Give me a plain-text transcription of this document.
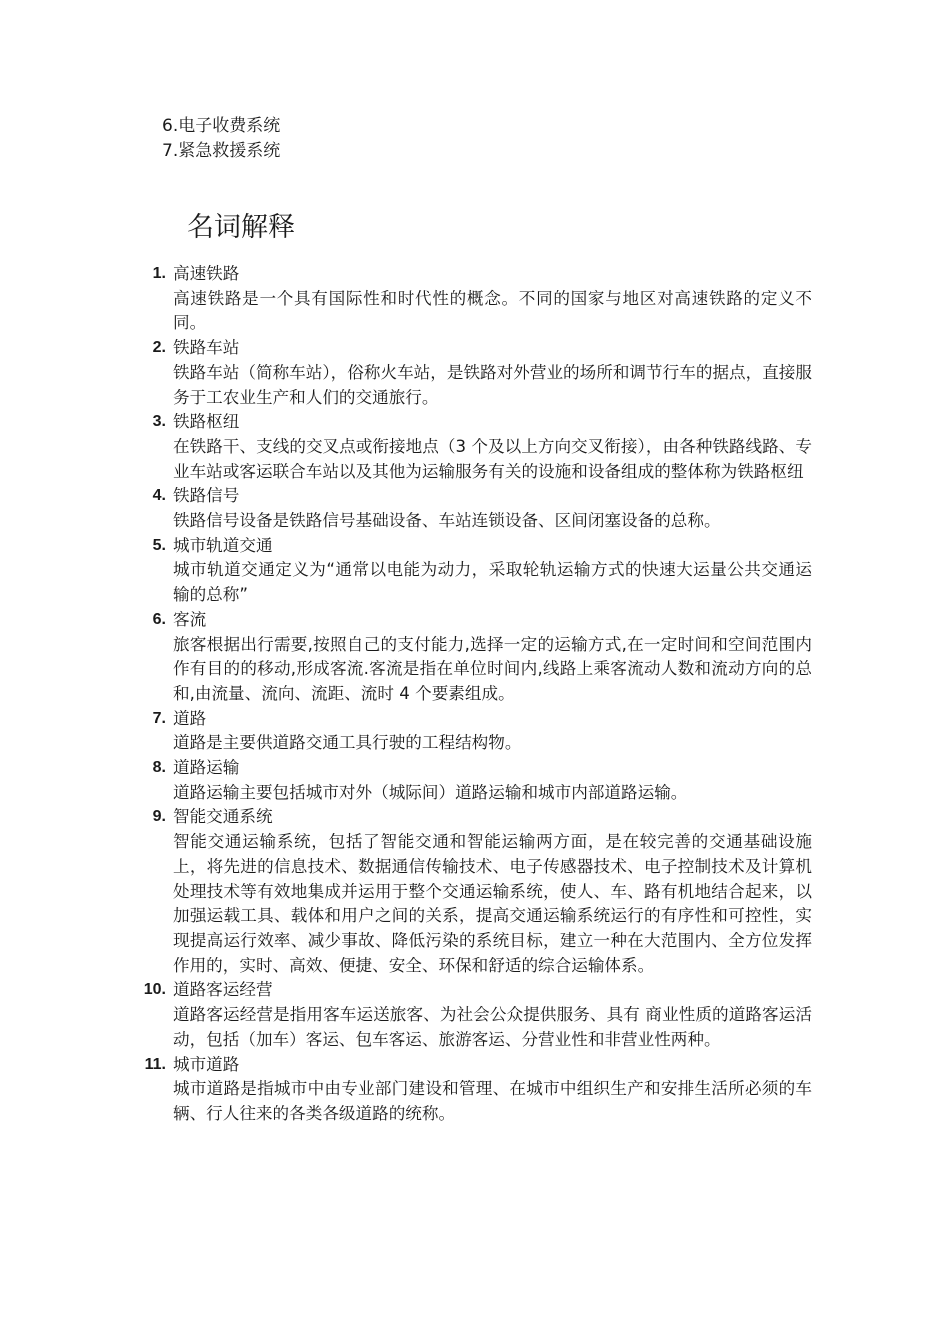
6.电子收费系统
7.紧急救援系统
名词解释
1. 高速铁路
高速铁路是一个具有国际性和时代性的概念。不同的国家与地区对高速铁路的定义不同。
2. 铁路车站
铁路车站（简称车站），俗称火车站，是铁路对外营业的场所和调节行车的据点，直接服务于工农业生产和人们的交通旅行。
3. 铁路枢纽
在铁路干、支线的交叉点或衔接地点（3 个及以上方向交叉衔接），由各种铁路线路、专业车站或客运联合车站以及其他为运输服务有关的设施和设备组成的整体称为铁路枢纽
4. 铁路信号
铁路信号设备是铁路信号基础设备、车站连锁设备、区间闭塞设备的总称。
5. 城市轨道交通
城市轨道交通定义为“通常以电能为动力，采取轮轨运输方式的快速大运量公共交通运输的总称”
6. 客流
旅客根据出行需要,按照自己的支付能力,选择一定的运输方式,在一定时间和空间范围内作有目的的移动,形成客流.客流是指在单位时间内,线路上乘客流动人数和流动方向的总和,由流量、流向、流距、流时 4 个要素组成。
7. 道路
道路是主要供道路交通工具行驶的工程结构物。
8. 道路运输
道路运输主要包括城市对外（城际间）道路运输和城市内部道路运输。
9. 智能交通系统
智能交通运输系统，包括了智能交通和智能运输两方面，是在较完善的交通基础设施上，将先进的信息技术、数据通信传输技术、电子传感器技术、电子控制技术及计算机处理技术等有效地集成并运用于整个交通运输系统，使人、车、路有机地结合起来，以加强运载工具、载体和用户之间的关系，提高交通运输系统运行的有序性和可控性，实现提高运行效率、减少事故、降低污染的系统目标，建立一种在大范围内、全方位发挥作用的，实时、高效、便捷、安全、环保和舒适的综合运输体系。
10. 道路客运经营
道路客运经营是指用客车运送旅客、为社会公众提供服务、具有 商业性质的道路客运活动，包括（加车）客运、包车客运、旅游客运、分营业性和非营业性两种。
11. 城市道路
城市道路是指城市中由专业部门建设和管理、在城市中组织生产和安排生活所必须的车辆、行人往来的各类各级道路的统称。
